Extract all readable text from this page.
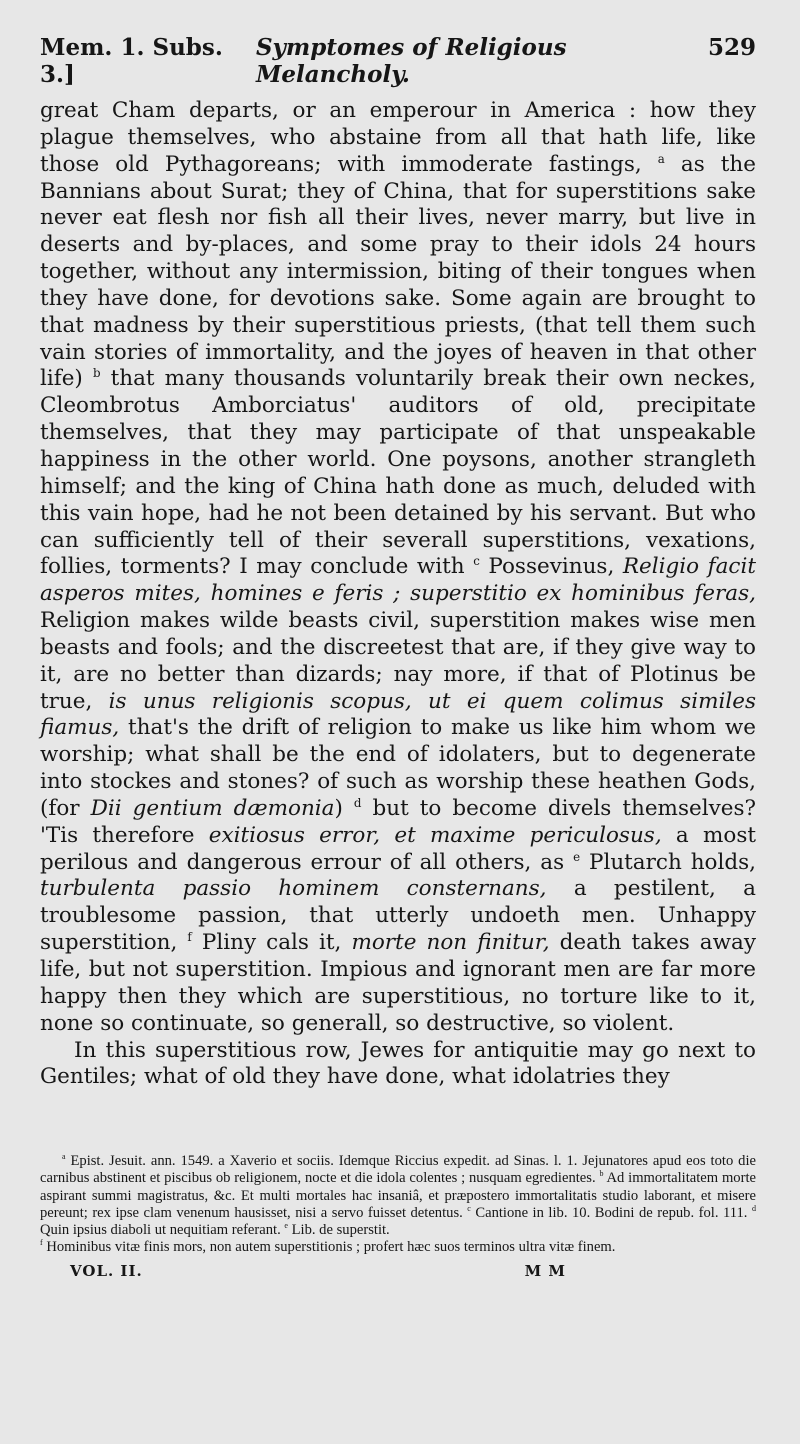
Mem. 1. Subs. 3.]
Symptomes of Religious Melancholy.
529

great Cham departs, or an emperour in America : how they plague themselves, who abstaine from all that hath life, like those old Pythagoreans; with immoderate fastings, $^a$ as the Bannians about Surat; they of China, that for superstitions sake never eat flesh nor fish all their lives, never marry, but live in deserts and by-places, and some pray to their idols 24 hours together, without any intermission, biting of their tongues when they have done, for devotions sake. Some again are brought to that madness by their superstitious priests, (that tell them such vain stories of immortality, and the joyes of heaven in that other life) $^b$ that many thousands voluntarily break their own neckes, Cleombrotus Amborciatus' auditors of old, precipitate themselves, that they may participate of that unspeakable happiness in the other world. One poysons, another strangleth himself; and the king of China hath done as much, deluded with this vain hope, had he not been detained by his servant. But who can sufficiently tell of their severall superstitions, vexations, follies, torments? I may conclude with $^c$ Possevinus, Religio facit asperos mites, homines e feris ; superstitio ex hominibus feras, Religion makes wilde beasts civil, superstition makes wise men beasts and fools; and the discreetest that are, if they give way to it, are no better than dizards; nay more, if that of Plotinus be true, is unus religionis scopus, ut ei quem colimus similes fiamus, that's the drift of religion to make us like him whom we worship; what shall be the end of idolaters, but to degenerate into stockes and stones? of such as worship these heathen Gods, (for Dii gentium dæmonia) $^d$ but to become divels themselves? 'Tis therefore exitiosus error, et maxime periculosus, a most perilous and dangerous errour of all others, as $^e$ Plutarch holds, turbulenta passio hominem consternans, a pestilent, a troublesome passion, that utterly undoeth men. Unhappy superstition, $^f$ Pliny cals it, morte non finitur, death takes away life, but not superstition. Impious and ignorant men are far more happy then they which are superstitious, no torture like to it, none so continuate, so generall, so destructive, so violent.

In this superstitious row, Jewes for antiquitie may go next to Gentiles; what of old they have done, what idolatries they

$^a$ Epist. Jesuit. ann. 1549. a Xaverio et sociis. Idemque Riccius expedit. ad Sinas. l. 1. Jejunatores apud eos toto die carnibus abstinent et piscibus ob religionem, nocte et die idola colentes ; nusquam egredientes. $^b$ Ad immortalitatem morte aspirant summi magistratus, &c. Et multi mortales hac insaniâ, et præpostero immortalitatis studio laborant, et misere pereunt; rex ipse clam venenum hausisset, nisi a servo fuisset detentus. $^c$ Cantione in lib. 10. Bodini de repub. fol. 111. $^d$ Quin ipsius diaboli ut nequitiam referant. $^e$ Lib. de superstit.

$^f$ Hominibus vitæ finis mors, non autem superstitionis ; profert hæc suos terminos ultra vitæ finem.

VOL. II.	M M
